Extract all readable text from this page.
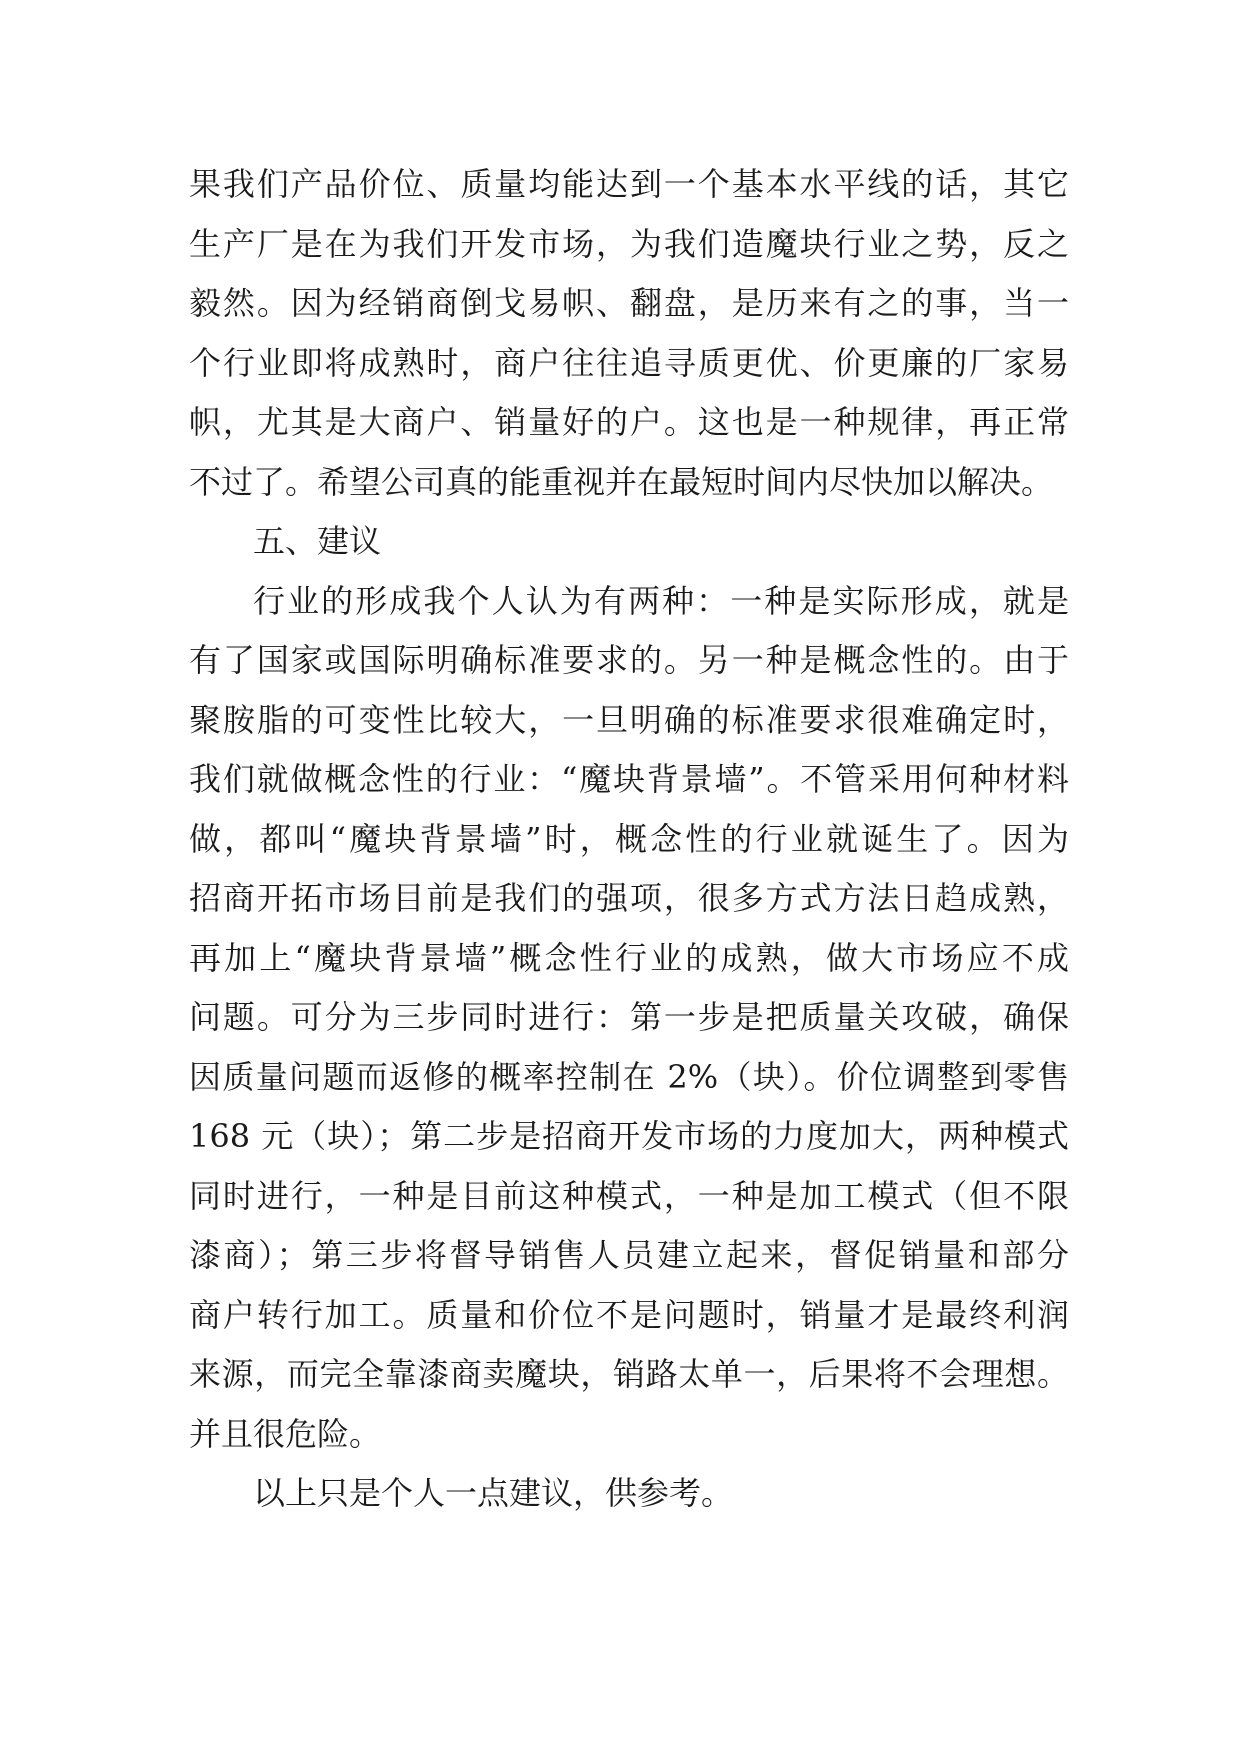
果我们产品价位、质量均能达到一个基本水平线的话，其它
生产厂是在为我们开发市场，为我们造魔块行业之势，反之
毅然。因为经销商倒戈易帜、翻盘，是历来有之的事，当一
个行业即将成熟时，商户往往追寻质更优、价更廉的厂家易
帜，尤其是大商户、销量好的户。这也是一种规律，再正常
不过了。希望公司真的能重视并在最短时间内尽快加以解决。
五、建议
行业的形成我个人认为有两种：一种是实际形成，就是
有了国家或国际明确标准要求的。另一种是概念性的。由于
聚胺脂的可变性比较大，一旦明确的标准要求很难确定时，
我们就做概念性的行业：“魔块背景墙”。不管采用何种材料
做，都叫“魔块背景墙”时，概念性的行业就诞生了。因为
招商开拓市场目前是我们的强项，很多方式方法日趋成熟，
再加上“魔块背景墙”概念性行业的成熟，做大市场应不成
问题。可分为三步同时进行：第一步是把质量关攻破，确保
因质量问题而返修的概率控制在 2%（块）。价位调整到零售
168 元（块）；第二步是招商开发市场的力度加大，两种模式
同时进行，一种是目前这种模式，一种是加工模式（但不限
漆商）；第三步将督导销售人员建立起来，督促销量和部分
商户转行加工。质量和价位不是问题时，销量才是最终利润
来源，而完全靠漆商卖魔块，销路太单一，后果将不会理想。
并且很危险。
以上只是个人一点建议，供参考。
